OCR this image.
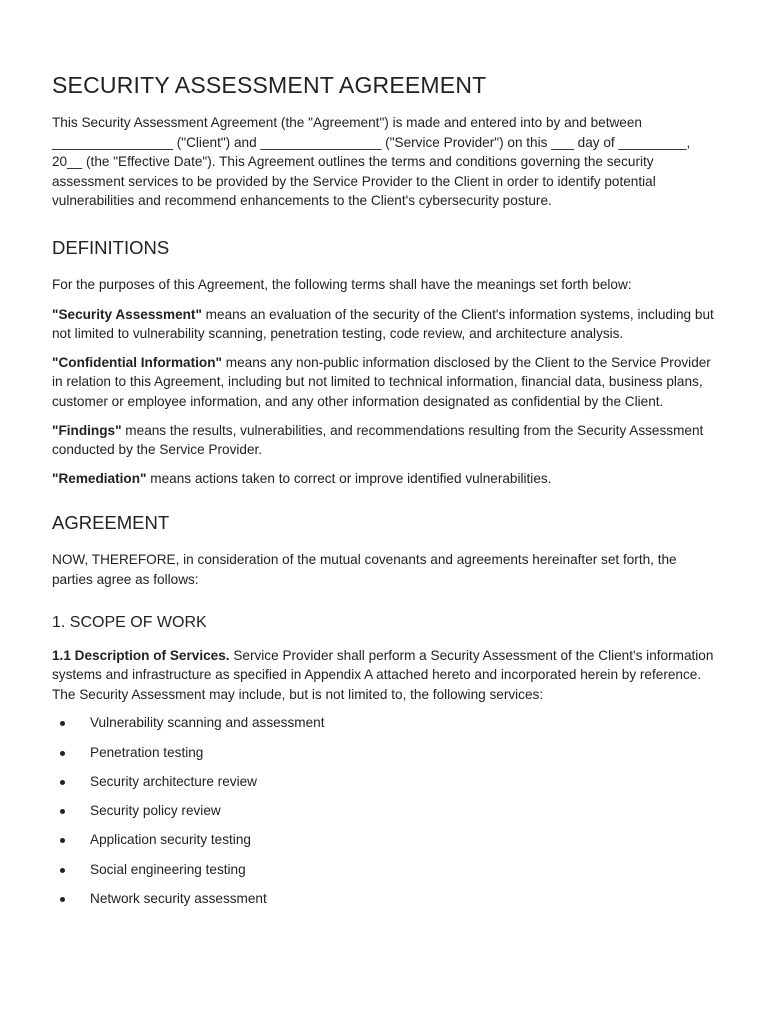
SECURITY ASSESSMENT AGREEMENT

This Security Assessment Agreement (the "Agreement") is made and entered into by and between ________________ ("Client") and ________________ ("Service Provider") on this ___ day of _________, 20__ (the "Effective Date"). This Agreement outlines the terms and conditions governing the security assessment services to be provided by the Service Provider to the Client in order to identify potential vulnerabilities and recommend enhancements to the Client's cybersecurity posture.

DEFINITIONS

For the purposes of this Agreement, the following terms shall have the meanings set forth below:

"Security Assessment" means an evaluation of the security of the Client's information systems, including but not limited to vulnerability scanning, penetration testing, code review, and architecture analysis.

"Confidential Information" means any non-public information disclosed by the Client to the Service Provider in relation to this Agreement, including but not limited to technical information, financial data, business plans, customer or employee information, and any other information designated as confidential by the Client.

"Findings" means the results, vulnerabilities, and recommendations resulting from the Security Assessment conducted by the Service Provider.

"Remediation" means actions taken to correct or improve identified vulnerabilities.

AGREEMENT

NOW, THEREFORE, in consideration of the mutual covenants and agreements hereinafter set forth, the parties agree as follows:

1. SCOPE OF WORK

1.1 Description of Services. Service Provider shall perform a Security Assessment of the Client's information systems and infrastructure as specified in Appendix A attached hereto and incorporated herein by reference. The Security Assessment may include, but is not limited to, the following services:

Vulnerability scanning and assessment
Penetration testing
Security architecture review
Security policy review
Application security testing
Social engineering testing
Network security assessment
